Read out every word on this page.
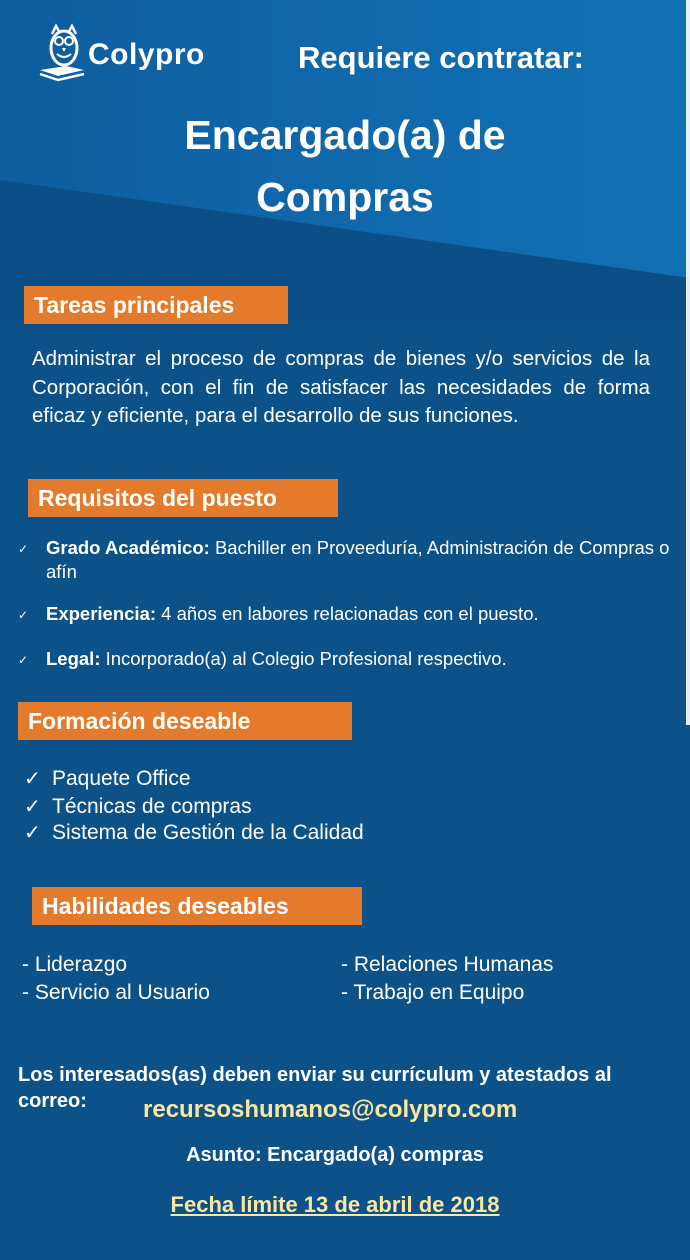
Colypro	Requiere contratar:
Encargado(a) de
Compras
Tareas principales
Administrar el proceso de compras de bienes y/o servicios de la Corporación, con el fin de satisfacer las necesidades de forma eficaz y eficiente, para el desarrollo de sus funciones.
Requisitos del puesto
✓ Grado Académico: Bachiller en Proveeduría, Administración de Compras o afín
✓ Experiencia: 4 años en labores relacionadas con el puesto.
✓ Legal: Incorporado(a) al Colegio Profesional respectivo.
Formación deseable
✓ Paquete Office
✓ Técnicas de compras
✓ Sistema de Gestión de la Calidad
Habilidades deseables
- Liderazgo
- Servicio al Usuario
- Relaciones Humanas
- Trabajo en Equipo
Los interesados(as) deben enviar su currículum y atestados al correo:	recursoshumanos@colypro.com
Asunto: Encargado(a) compras
Fecha límite 13 de abril de 2018
